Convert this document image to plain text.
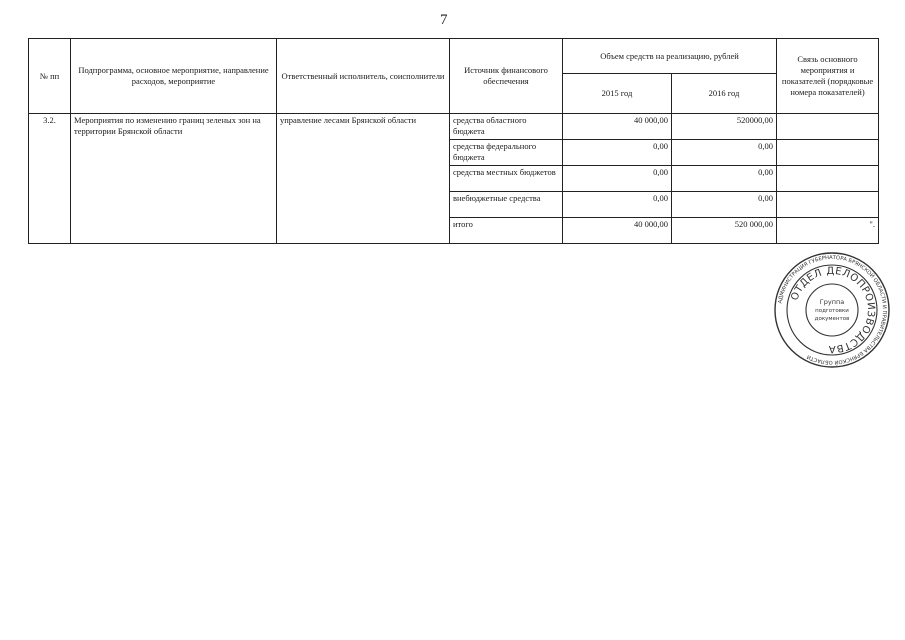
7
№ пп	Подпрограмма, основное мероприятие, направление расходов, мероприятие	Ответственный исполнитель, соисполнители	Источник финансового обеспечения	Объем средств на реализацию, рублей		Связь основного мероприятия и показателей (порядковые номера показателей)
				2015 год	2016 год	
3.2.	Мероприятия по изменению границ зеленых зон на территории Брянской области	управление лесами Брянской области	средства областного бюджета	40 000,00	520000,00	
			средства федерального бюджета	0,00	0,00	
			средства местных бюджетов	0,00	0,00	
			внебюджетные средства	0,00	0,00	
			итого	40 000,00	520 000,00	".
АДМИНИСТРАЦИЯ ГУБЕРНАТОРА БРЯНСКОЙ ОБЛАСТИ И ПРАВИТЕЛЬСТВА БРЯНСКОЙ ОБЛАСТИ
ОТДЕЛ ДЕЛОПРОИЗВОДСТВА
Группа
подготовки
документов
